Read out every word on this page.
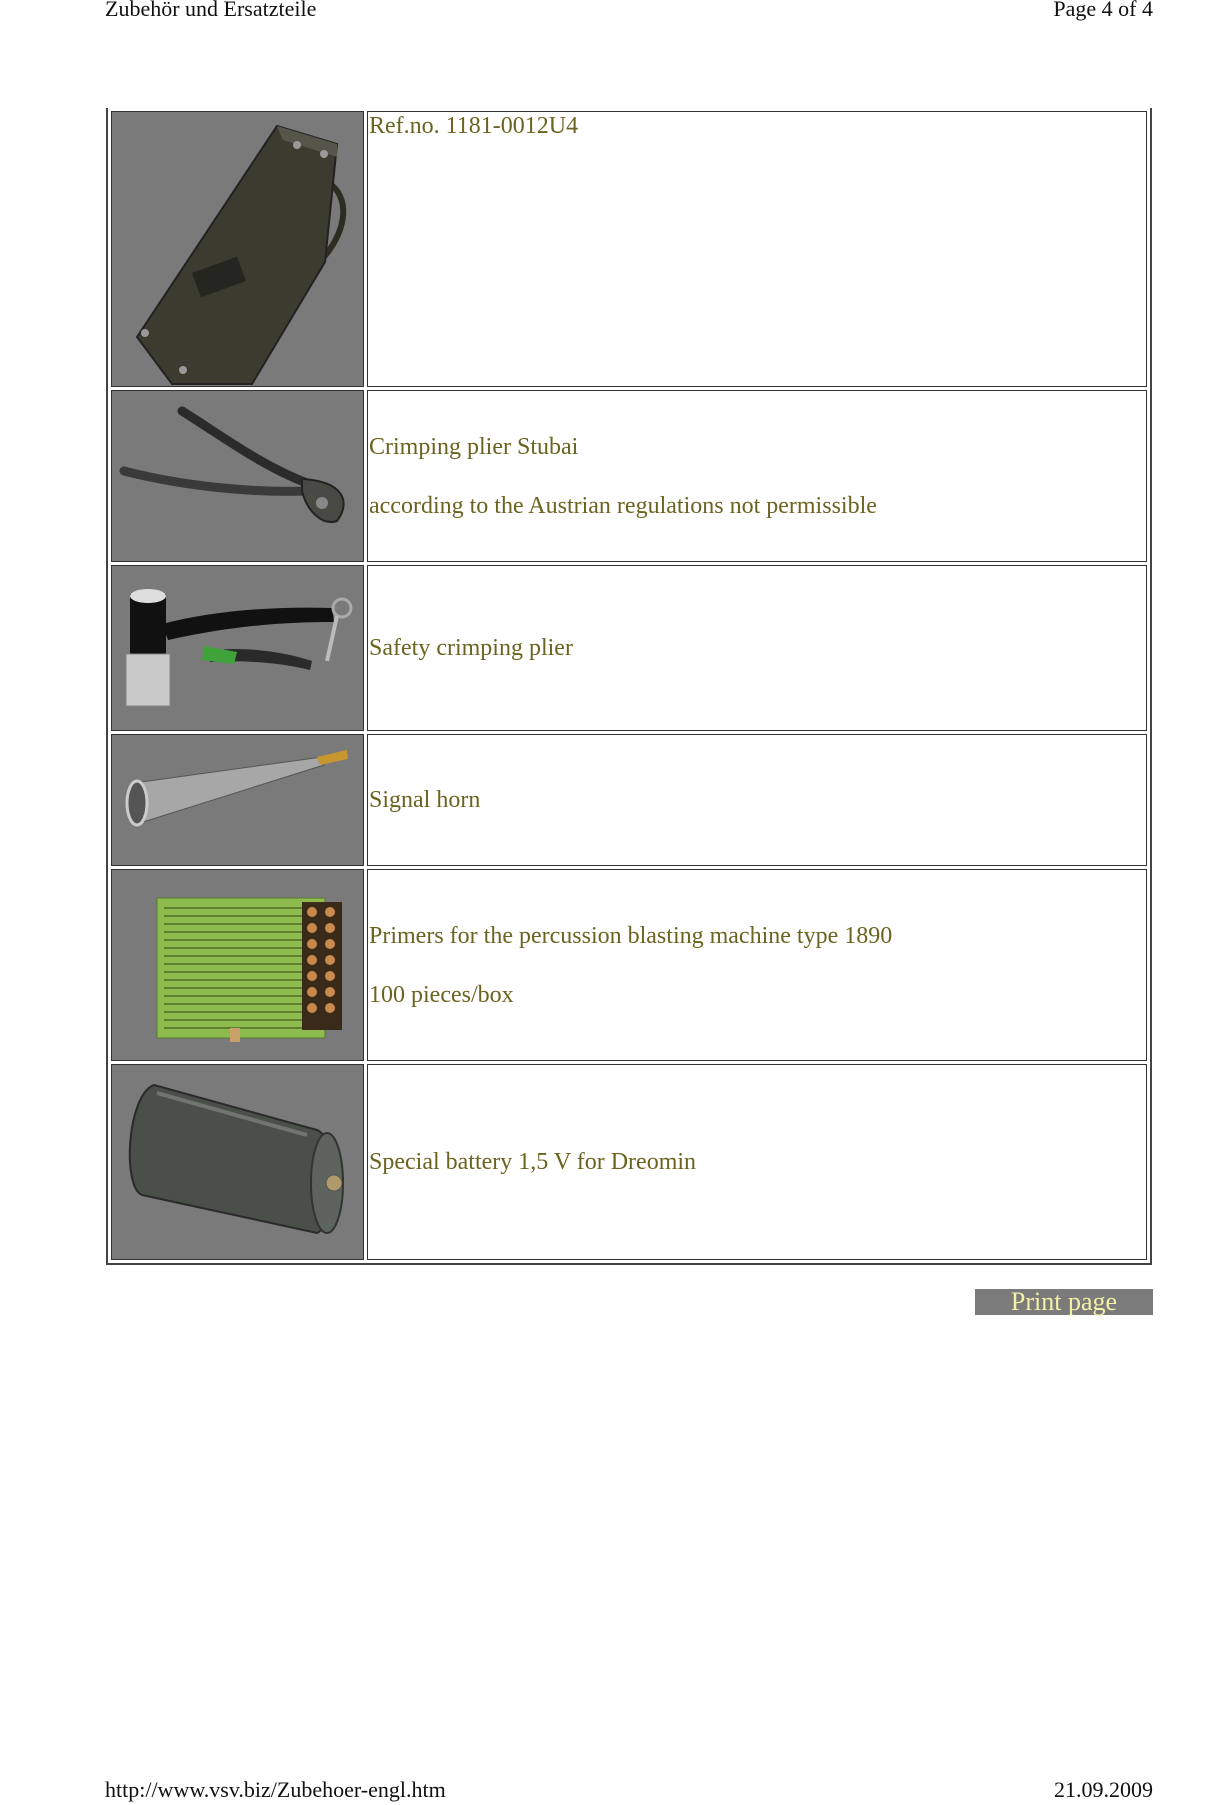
Zubehör und Ersatzteile	Page 4 of 4

Ref.no. 1181-0012U4

Crimping plier Stubai

according to the Austrian regulations not permissible

Safety crimping plier

Signal horn

Primers for the percussion blasting machine type 1890

100 pieces/box

Special battery 1,5 V for Dreomin

Print page
http://www.vsv.biz/Zubehoer-engl.htm	21.09.2009
